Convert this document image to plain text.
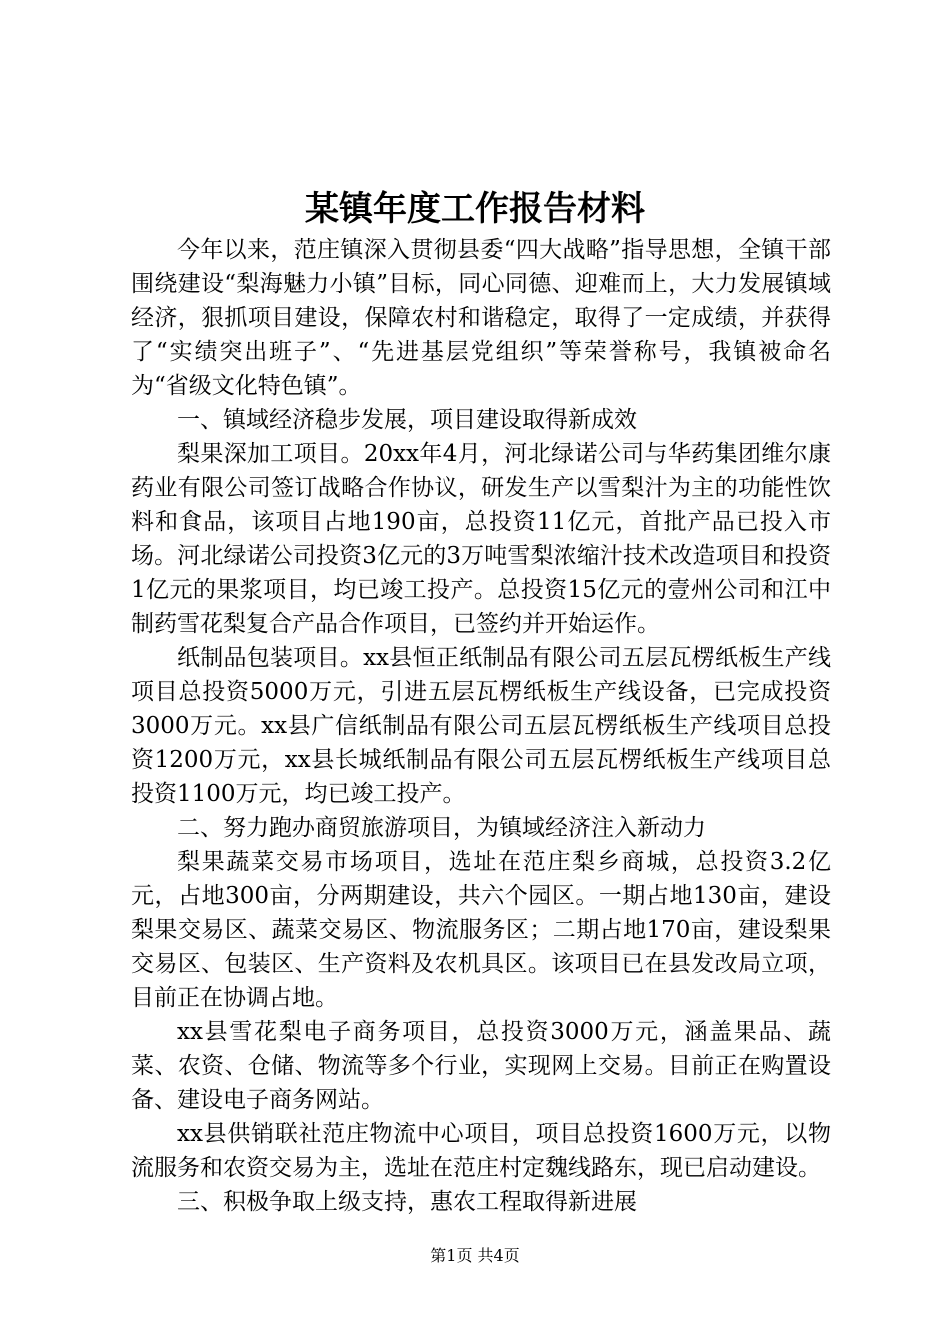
某镇年度工作报告材料

今年以来，范庄镇深入贯彻县委“四大战略”指导思想，全镇干部围绕建设“梨海魅力小镇”目标，同心同德、迎难而上，大力发展镇域经济，狠抓项目建设，保障农村和谐稳定，取得了一定成绩，并获得了“实绩突出班子”、“先进基层党组织”等荣誉称号，我镇被命名为“省级文化特色镇”。

一、镇域经济稳步发展，项目建设取得新成效

梨果深加工项目。20xx年4月，河北绿诺公司与华药集团维尔康药业有限公司签订战略合作协议，研发生产以雪梨汁为主的功能性饮料和食品，该项目占地190亩，总投资11亿元，首批产品已投入市场。河北绿诺公司投资3亿元的3万吨雪梨浓缩汁技术改造项目和投资1亿元的果浆项目，均已竣工投产。总投资15亿元的壹州公司和江中制药雪花梨复合产品合作项目，已签约并开始运作。

纸制品包装项目。xx县恒正纸制品有限公司五层瓦楞纸板生产线项目总投资5000万元，引进五层瓦楞纸板生产线设备，已完成投资3000万元。xx县广信纸制品有限公司五层瓦楞纸板生产线项目总投资1200万元，xx县长城纸制品有限公司五层瓦楞纸板生产线项目总投资1100万元，均已竣工投产。

二、努力跑办商贸旅游项目，为镇域经济注入新动力

梨果蔬菜交易市场项目，选址在范庄梨乡商城，总投资3.2亿元，占地300亩，分两期建设，共六个园区。一期占地130亩，建设梨果交易区、蔬菜交易区、物流服务区；二期占地170亩，建设梨果交易区、包装区、生产资料及农机具区。该项目已在县发改局立项，目前正在协调占地。

xx县雪花梨电子商务项目，总投资3000万元，涵盖果品、蔬菜、农资、仓储、物流等多个行业，实现网上交易。目前正在购置设备、建设电子商务网站。

xx县供销联社范庄物流中心项目，项目总投资1600万元，以物流服务和农资交易为主，选址在范庄村定魏线路东，现已启动建设。

三、积极争取上级支持，惠农工程取得新进展

第1页 共4页
